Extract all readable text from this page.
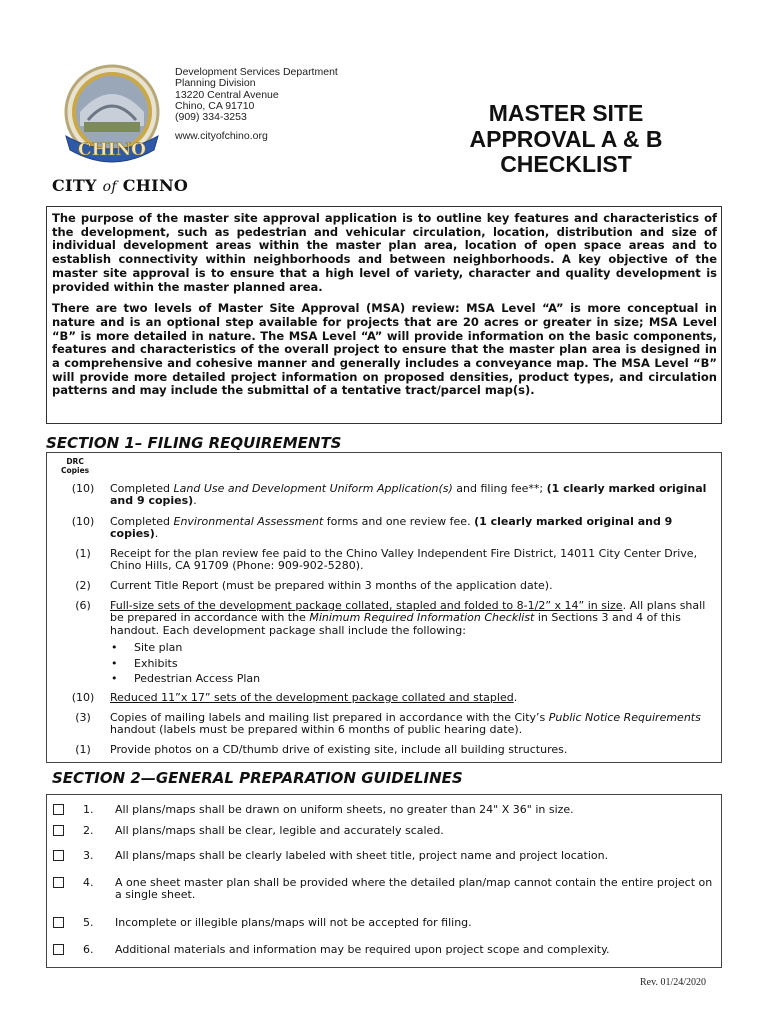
CHINO
CITY of CHINO
Development Services Department
Planning Division
13220 Central Avenue
Chino, CA 91710
(909) 334-3253
www.cityofchino.org
MASTER SITE
APPROVAL A & B
CHECKLIST

The purpose of the master site approval application is to outline key features and characteristics of the development, such as pedestrian and vehicular circulation, location, distribution and size of individual development areas within the master plan area, location of open space areas and to establish connectivity within neighborhoods and between neighborhoods. A key objective of the master site approval is to ensure that a high level of variety, character and quality development is provided within the master planned area.

There are two levels of Master Site Approval (MSA) review: MSA Level “A” is more conceptual in nature and is an optional step available for projects that are 20 acres or greater in size; MSA Level “B” is more detailed in nature. The MSA Level “A” will provide information on the basic components, features and characteristics of the overall project to ensure that the master plan area is designed in a comprehensive and cohesive manner and generally includes a conveyance map. The MSA Level “B” will provide more detailed project information on proposed densities, product types, and circulation patterns and may include the submittal of a tentative tract/parcel map(s).

SECTION 1– FILING REQUIREMENTS
DRC
Copies
(10)	Completed Land Use and Development Uniform Application(s) and filing fee**; (1 clearly marked original and 9 copies).
(10)	Completed Environmental Assessment forms and one review fee. (1 clearly marked original and 9 copies).
(1)	Receipt for the plan review fee paid to the Chino Valley Independent Fire District, 14011 City Center Drive, Chino Hills, CA 91709 (Phone: 909-902-5280).
(2)	Current Title Report (must be prepared within 3 months of the application date).
(6)	Full-size sets of the development package collated, stapled and folded to 8-1/2” x 14” in size. All plans shall be prepared in accordance with the Minimum Required Information Checklist in Sections 3 and 4 of this handout. Each development package shall include the following:
• Site plan
• Exhibits
• Pedestrian Access Plan
(10)	Reduced 11”x 17” sets of the development package collated and stapled.
(3)	Copies of mailing labels and mailing list prepared in accordance with the City’s Public Notice Requirements handout (labels must be prepared within 6 months of public hearing date).
(1)	Provide photos on a CD/thumb drive of existing site, include all building structures.
SECTION 2—GENERAL PREPARATION GUIDELINES
1. All plans/maps shall be drawn on uniform sheets, no greater than 24" X 36" in size.
2. All plans/maps shall be clear, legible and accurately scaled.
3. All plans/maps shall be clearly labeled with sheet title, project name and project location.
4. A one sheet master plan shall be provided where the detailed plan/map cannot contain the entire project on a single sheet.
5. Incomplete or illegible plans/maps will not be accepted for filing.
6. Additional materials and information may be required upon project scope and complexity.
Rev. 01/24/2020
